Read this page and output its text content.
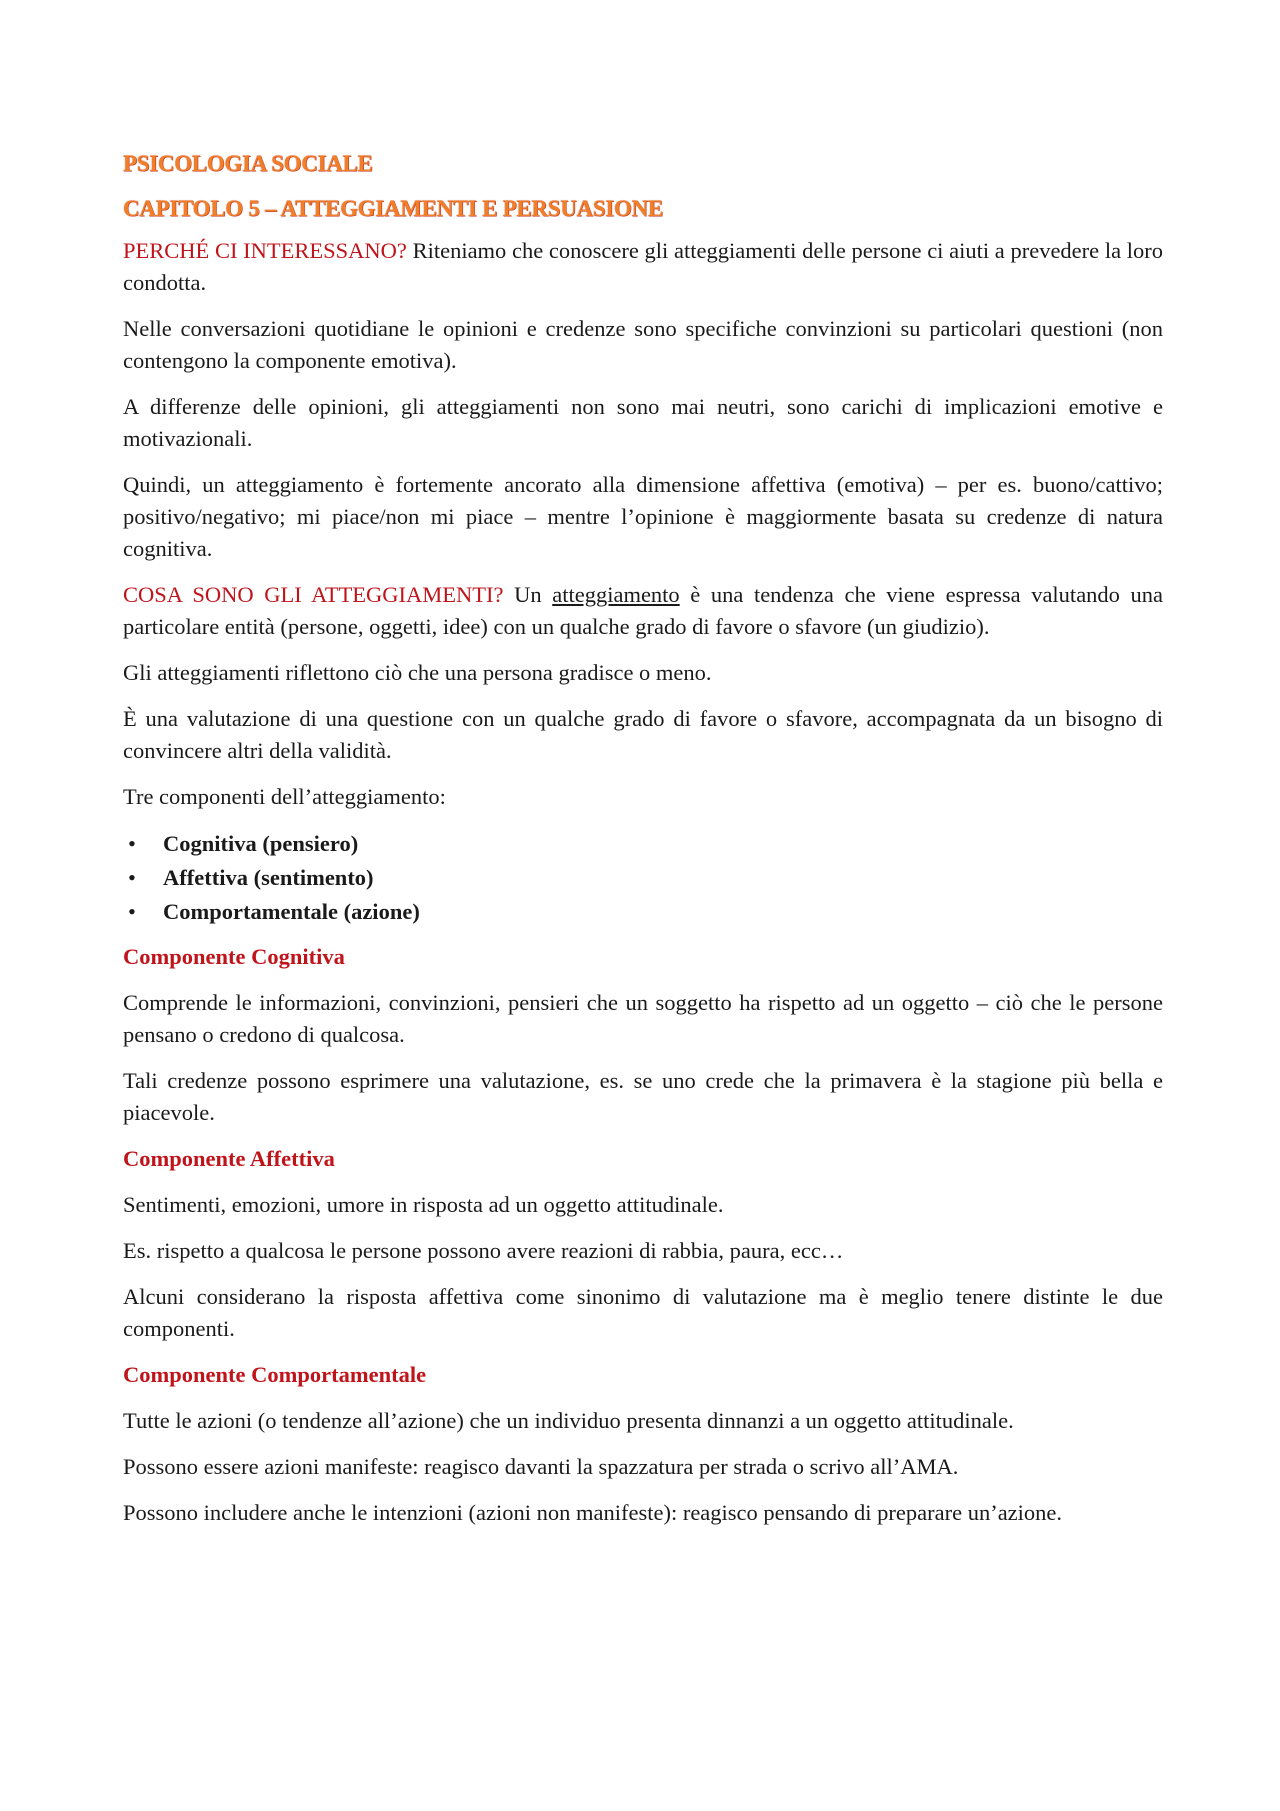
PSICOLOGIA SOCIALE
CAPITOLO 5 – ATTEGGIAMENTI E PERSUASIONE

PERCHÉ CI INTERESSANO? Riteniamo che conoscere gli atteggiamenti delle persone ci aiuti a prevedere la loro condotta.

Nelle conversazioni quotidiane le opinioni e credenze sono specifiche convinzioni su particolari questioni (non contengono la componente emotiva).

A differenze delle opinioni, gli atteggiamenti non sono mai neutri, sono carichi di implicazioni emotive e motivazionali.

Quindi, un atteggiamento è fortemente ancorato alla dimensione affettiva (emotiva) – per es. buono/cattivo; positivo/negativo; mi piace/non mi piace – mentre l’opinione è maggiormente basata su credenze di natura cognitiva.

COSA SONO GLI ATTEGGIAMENTI? Un atteggiamento è una tendenza che viene espressa valutando una particolare entità (persone, oggetti, idee) con un qualche grado di favore o sfavore (un giudizio).

Gli atteggiamenti riflettono ciò che una persona gradisce o meno.

È una valutazione di una questione con un qualche grado di favore o sfavore, accompagnata da un bisogno di convincere altri della validità.

Tre componenti dell’atteggiamento:

• Cognitiva (pensiero)
• Affettiva (sentimento)
• Comportamentale (azione)
Componente Cognitiva

Comprende le informazioni, convinzioni, pensieri che un soggetto ha rispetto ad un oggetto – ciò che le persone pensano o credono di qualcosa.

Tali credenze possono esprimere una valutazione, es. se uno crede che la primavera è la stagione più bella e piacevole.

Componente Affettiva

Sentimenti, emozioni, umore in risposta ad un oggetto attitudinale.

Es. rispetto a qualcosa le persone possono avere reazioni di rabbia, paura, ecc…

Alcuni considerano la risposta affettiva come sinonimo di valutazione ma è meglio tenere distinte le due componenti.

Componente Comportamentale

Tutte le azioni (o tendenze all’azione) che un individuo presenta dinnanzi a un oggetto attitudinale.

Possono essere azioni manifeste: reagisco davanti la spazzatura per strada o scrivo all’AMA.

Possono includere anche le intenzioni (azioni non manifeste): reagisco pensando di preparare un’azione.
